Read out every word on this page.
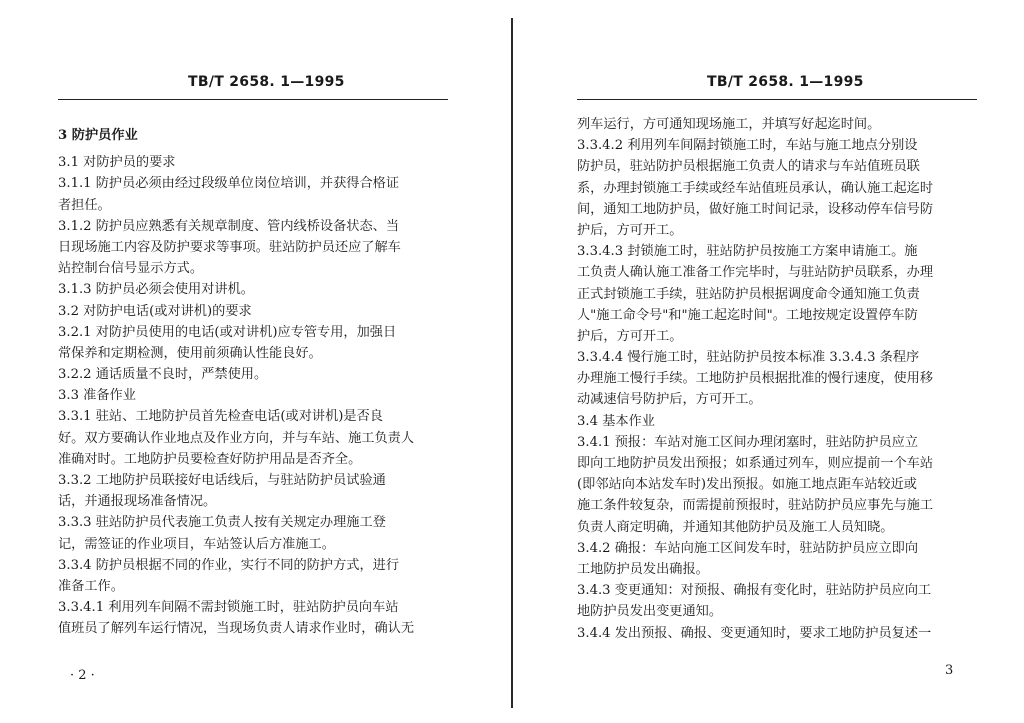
TB/T 2658. 1—1995
3 防护员作业
3.1 对防护员的要求
3.1.1 防护员必须由经过段级单位岗位培训，并获得合格证
者担任。
3.1.2 防护员应熟悉有关规章制度、管内线桥设备状态、当
日现场施工内容及防护要求等事项。驻站防护员还应了解车
站控制台信号显示方式。
3.1.3 防护员必须会使用对讲机。
3.2 对防护电话(或对讲机)的要求
3.2.1 对防护员使用的电话(或对讲机)应专管专用，加强日
常保养和定期检测，使用前须确认性能良好。
3.2.2 通话质量不良时，严禁使用。
3.3 准备作业
3.3.1 驻站、工地防护员首先检查电话(或对讲机)是否良
好。双方要确认作业地点及作业方向，并与车站、施工负责人
准确对时。工地防护员要检查好防护用品是否齐全。
3.3.2 工地防护员联接好电话线后，与驻站防护员试验通
话，并通报现场准备情况。
3.3.3 驻站防护员代表施工负责人按有关规定办理施工登
记，需签证的作业项目，车站签认后方准施工。
3.3.4 防护员根据不同的作业，实行不同的防护方式，进行
准备工作。
3.3.4.1 利用列车间隔不需封锁施工时，驻站防护员向车站
值班员了解列车运行情况，当现场负责人请求作业时，确认无
· 2 ·
TB/T 2658. 1—1995
列车运行，方可通知现场施工，并填写好起迄时间。
3.3.4.2 利用列车间隔封锁施工时，车站与施工地点分别设
防护员，驻站防护员根据施工负责人的请求与车站值班员联
系，办理封锁施工手续或经车站值班员承认，确认施工起迄时
间，通知工地防护员，做好施工时间记录，设移动停车信号防
护后，方可开工。
3.3.4.3 封锁施工时，驻站防护员按施工方案申请施工。施
工负责人确认施工准备工作完毕时，与驻站防护员联系，办理
正式封锁施工手续，驻站防护员根据调度命令通知施工负责
人"施工命令号"和"施工起迄时间"。工地按规定设置停车防
护后，方可开工。
3.3.4.4 慢行施工时，驻站防护员按本标准 3.3.4.3 条程序
办理施工慢行手续。工地防护员根据批准的慢行速度，使用移
动减速信号防护后，方可开工。
3.4 基本作业
3.4.1 预报：车站对施工区间办理闭塞时，驻站防护员应立
即向工地防护员发出预报；如系通过列车，则应提前一个车站
(即邻站向本站发车时)发出预报。如施工地点距车站较近或
施工条件较复杂，而需提前预报时，驻站防护员应事先与施工
负责人商定明确，并通知其他防护员及施工人员知晓。
3.4.2 确报：车站向施工区间发车时，驻站防护员应立即向
工地防护员发出确报。
3.4.3 变更通知：对预报、确报有变化时，驻站防护员应向工
地防护员发出变更通知。
3.4.4 发出预报、确报、变更通知时，要求工地防护员复述一
3
